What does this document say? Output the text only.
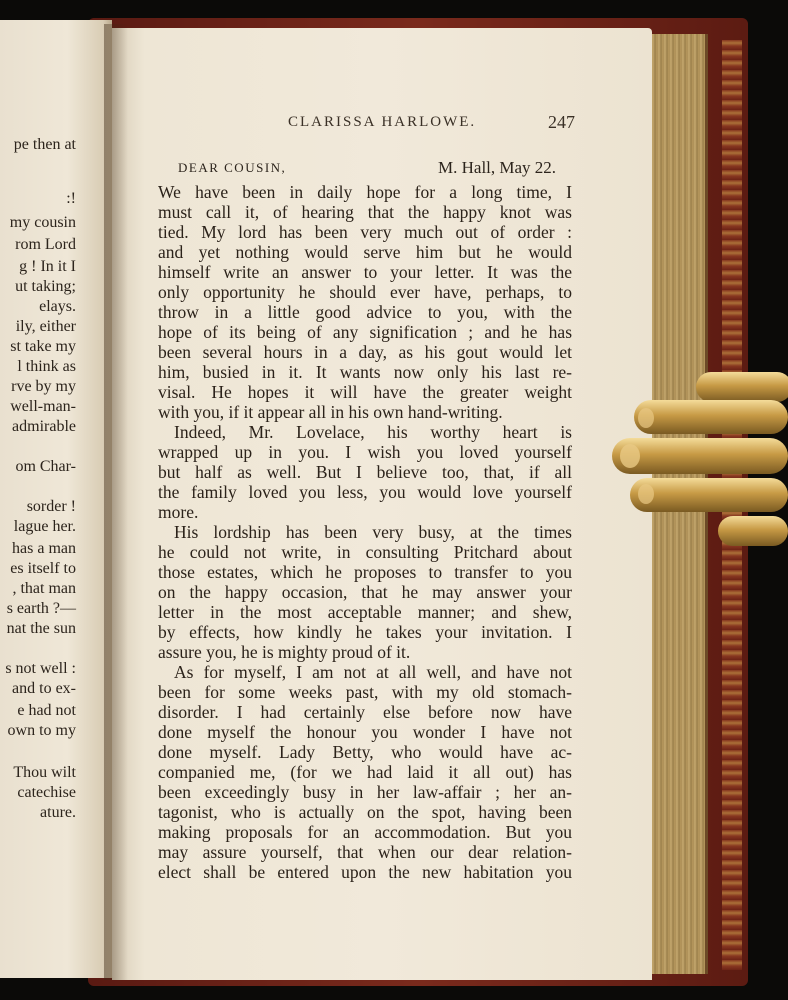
pe then at
:!
my cousin
rom Lord
g ! In it I
ut taking;
elays.
ily, either
st take my
l think as
rve by my
well-man-
admirable
om Char-
sorder !
lague her.
has a man
es itself to
, that man
s earth ?—
nat the sun
s not well :
and to ex-
e had not
own to my
Thou wilt
catechise
ature.
CLARISSA HARLOWE.	247
DEAR COUSIN,	M. Hall, May 22.
We have been in daily hope for a long time, I
must call it, of hearing that the happy knot was
tied. My lord has been very much out of order :
and yet nothing would serve him but he would
himself write an answer to your letter. It was the
only opportunity he should ever have, perhaps, to
throw in a little good advice to you, with the
hope of its being of any signification ; and he has
been several hours in a day, as his gout would let
him, busied in it. It wants now only his last re-
visal. He hopes it will have the greater weight
with you, if it appear all in his own hand-writing.
Indeed, Mr. Lovelace, his worthy heart is
wrapped up in you. I wish you loved yourself
but half as well. But I believe too, that, if all
the family loved you less, you would love yourself
more.
His lordship has been very busy, at the times
he could not write, in consulting Pritchard about
those estates, which he proposes to transfer to you
on the happy occasion, that he may answer your
letter in the most acceptable manner; and shew,
by effects, how kindly he takes your invitation. I
assure you, he is mighty proud of it.
As for myself, I am not at all well, and have not
been for some weeks past, with my old stomach-
disorder. I had certainly else before now have
done myself the honour you wonder I have not
done myself. Lady Betty, who would have ac-
companied me, (for we had laid it all out) has
been exceedingly busy in her law-affair ; her an-
tagonist, who is actually on the spot, having been
making proposals for an accommodation. But you
may assure yourself, that when our dear relation-
elect shall be entered upon the new habitation you
